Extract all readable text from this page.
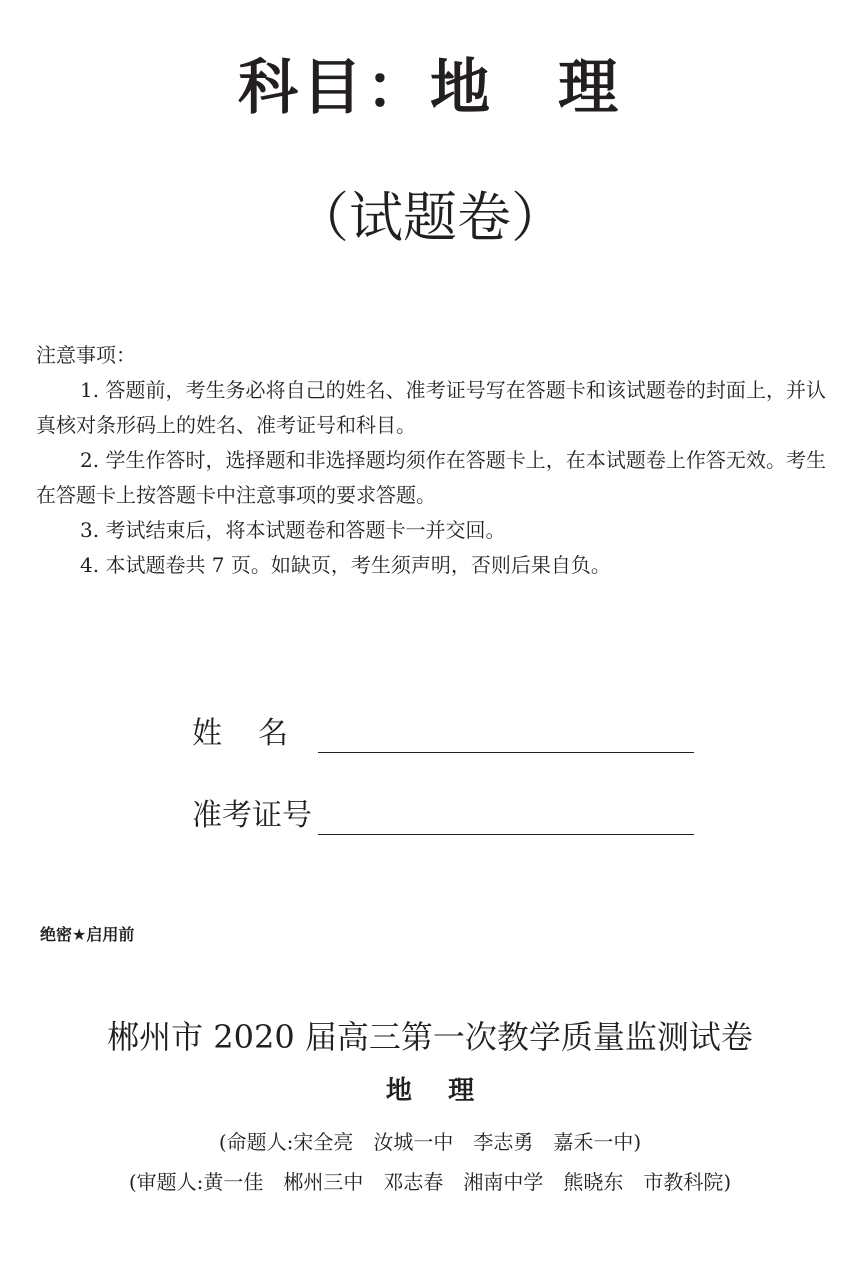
科目：地　理
（试题卷）
注意事项：

1. 答题前，考生务必将自己的姓名、准考证号写在答题卡和该试题卷的封面上，并认真核对条形码上的姓名、准考证号和科目。

2. 学生作答时，选择题和非选择题均须作在答题卡上，在本试题卷上作答无效。考生在答题卡上按答题卡中注意事项的要求答题。

3. 考试结束后，将本试题卷和答题卡一并交回。

4. 本试题卷共 7 页。如缺页，考生须声明，否则后果自负。

姓名
准考证号
绝密★启用前
郴州市 2020 届高三第一次教学质量监测试卷
地    理
(命题人:宋全亮　汝城一中　李志勇　嘉禾一中)
(审题人:黄一佳　郴州三中　邓志春　湘南中学　熊晓东　市教科院)
